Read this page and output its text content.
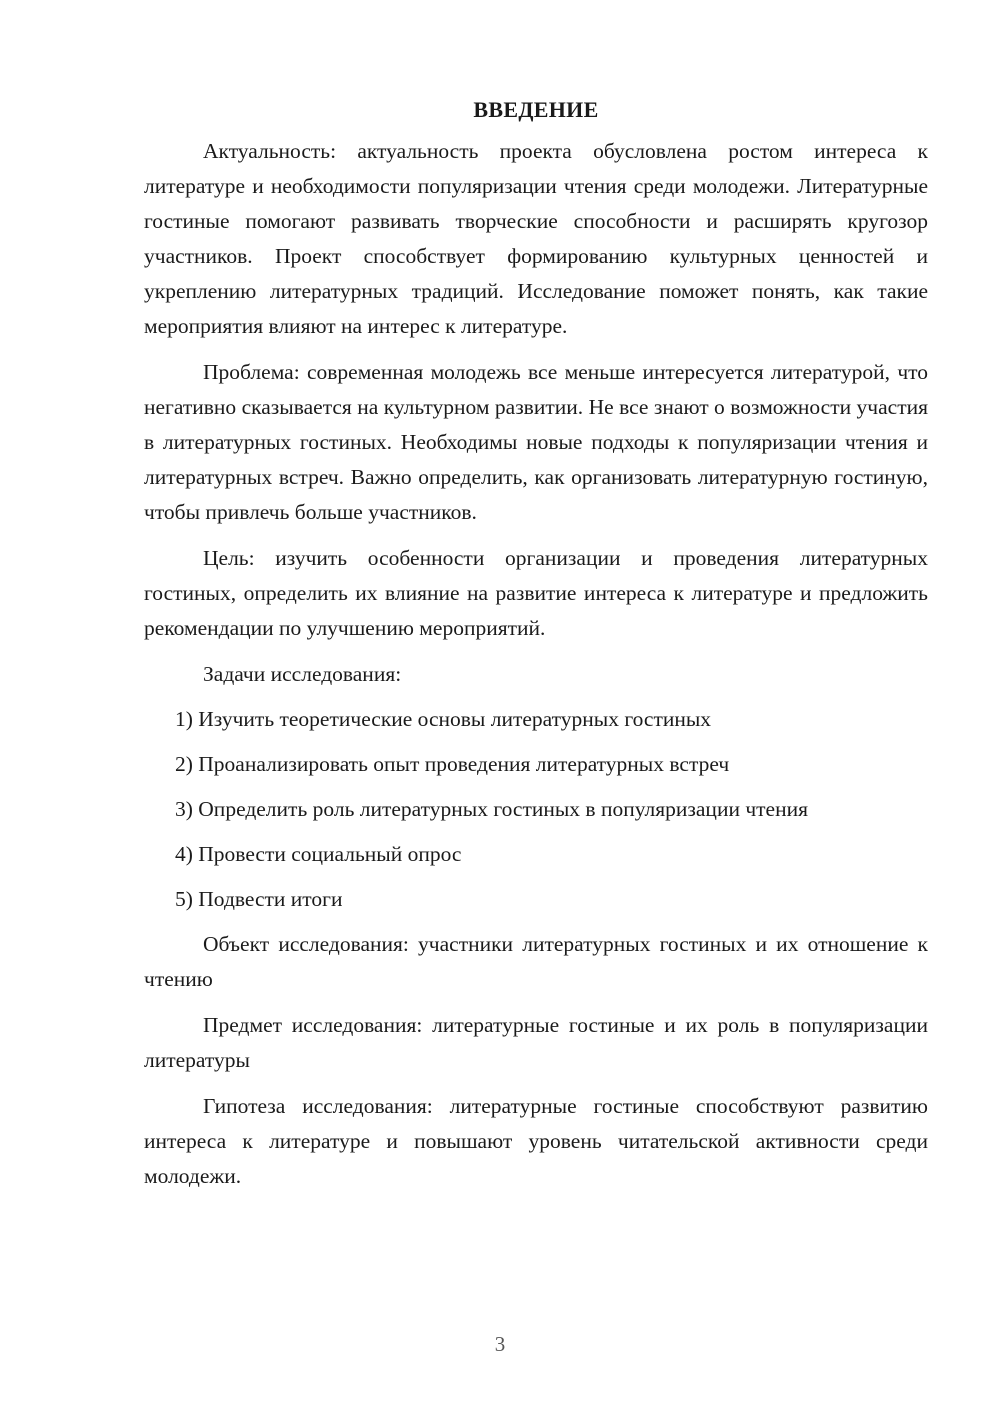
ВВЕДЕНИЕ

Актуальность: актуальность проекта обусловлена ростом интереса к литературе и необходимости популяризации чтения среди молодежи. Литературные гостиные помогают развивать творческие способности и расширять кругозор участников. Проект способствует формированию культурных ценностей и укреплению литературных традиций. Исследование поможет понять, как такие мероприятия влияют на интерес к литературе.

Проблема: современная молодежь все меньше интересуется литературой, что негативно сказывается на культурном развитии. Не все знают о возможности участия в литературных гостиных. Необходимы новые подходы к популяризации чтения и литературных встреч. Важно определить, как организовать литературную гостиную, чтобы привлечь больше участников.

Цель: изучить особенности организации и проведения литературных гостиных, определить их влияние на развитие интереса к литературе и предложить рекомендации по улучшению мероприятий.

Задачи исследования:
1) Изучить теоретические основы литературных гостиных
2) Проанализировать опыт проведения литературных встреч
3) Определить роль литературных гостиных в популяризации чтения
4) Провести социальный опрос
5) Подвести итоги

Объект исследования: участники литературных гостиных и их отношение к чтению

Предмет исследования: литературные гостиные и их роль в популяризации литературы

Гипотеза исследования: литературные гостиные способствуют развитию интереса к литературе и повышают уровень читательской активности среди молодежи.

3
